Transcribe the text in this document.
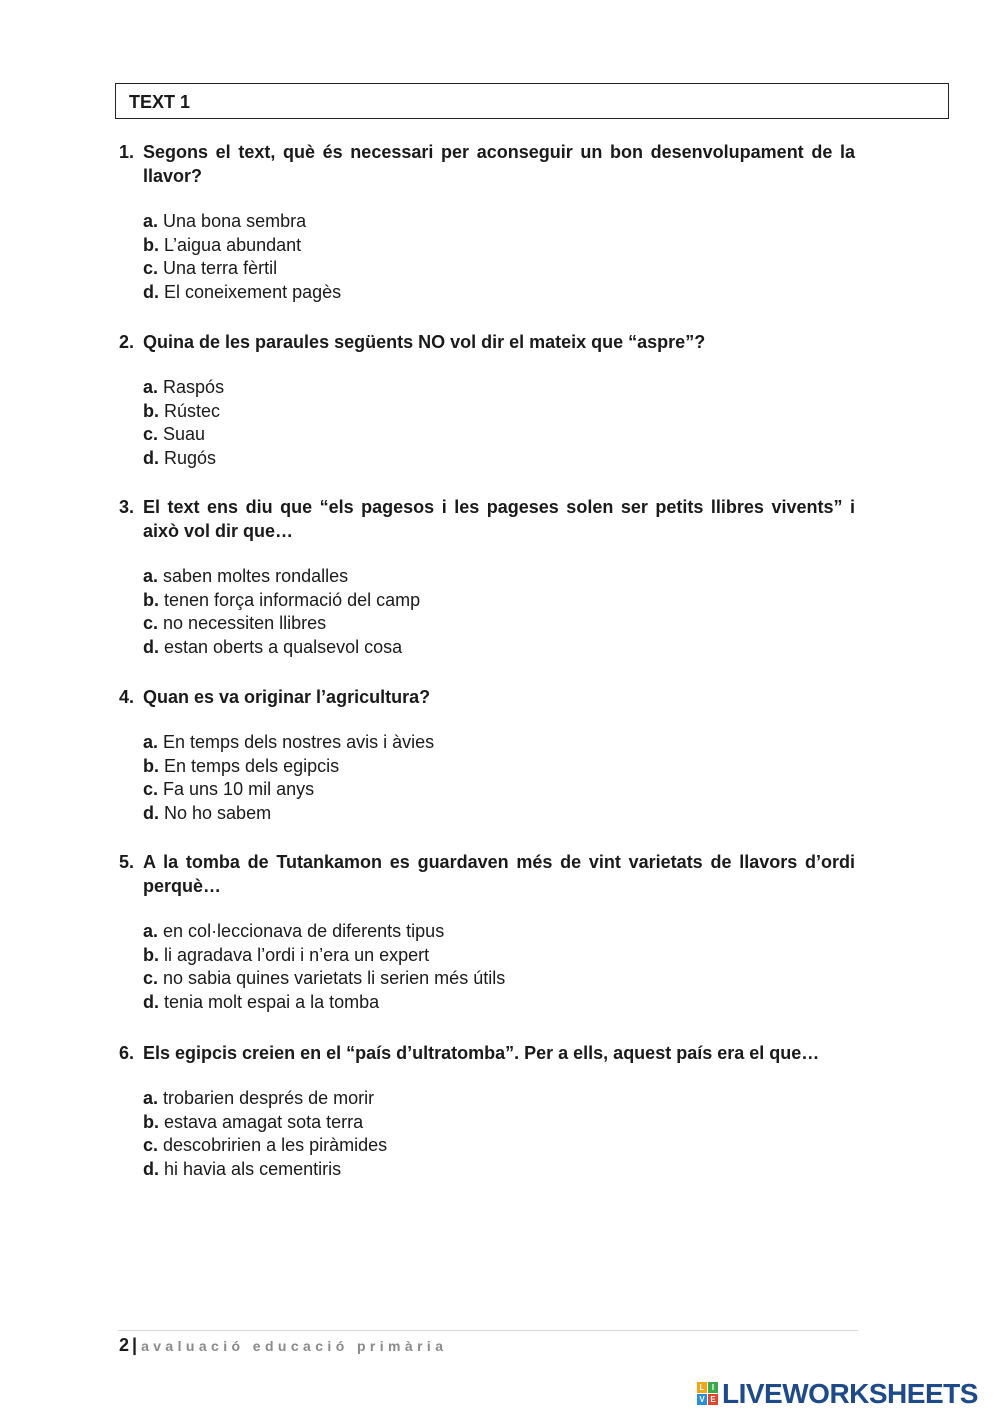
TEXT 1
1. Segons el text, què és necessari per aconseguir un bon desenvolupament de la llavor?
a. Una bona sembra
b. L’aigua abundant
c. Una terra fèrtil
d. El coneixement pagès
2. Quina de les paraules següents NO vol dir el mateix que “aspre”?
a. Raspós
b. Rústec
c. Suau
d. Rugós
3. El text ens diu que “els pagesos i les pageses solen ser petits llibres vivents” i això vol dir que…
a. saben moltes rondalles
b. tenen força informació del camp
c. no necessiten llibres
d. estan oberts a qualsevol cosa
4. Quan es va originar l’agricultura?
a. En temps dels nostres avis i àvies
b. En temps dels egipcis
c. Fa uns 10 mil anys
d. No ho sabem
5. A la tomba de Tutankamon es guardaven més de vint varietats de llavors d’ordi perquè…
a. en col·leccionava de diferents tipus
b. li agradava l’ordi i n’era un expert
c. no sabia quines varietats li serien més útils
d. tenia molt espai a la tomba
6. Els egipcis creien en el “país d’ultratomba”. Per a ells, aquest país era el que…
a. trobarien després de morir
b. estava amagat sota terra
c. descobririen a les piràmides
d. hi havia als cementiris
2 | avaluació educació primària
L I
V E LIVEWORKSHEETS
